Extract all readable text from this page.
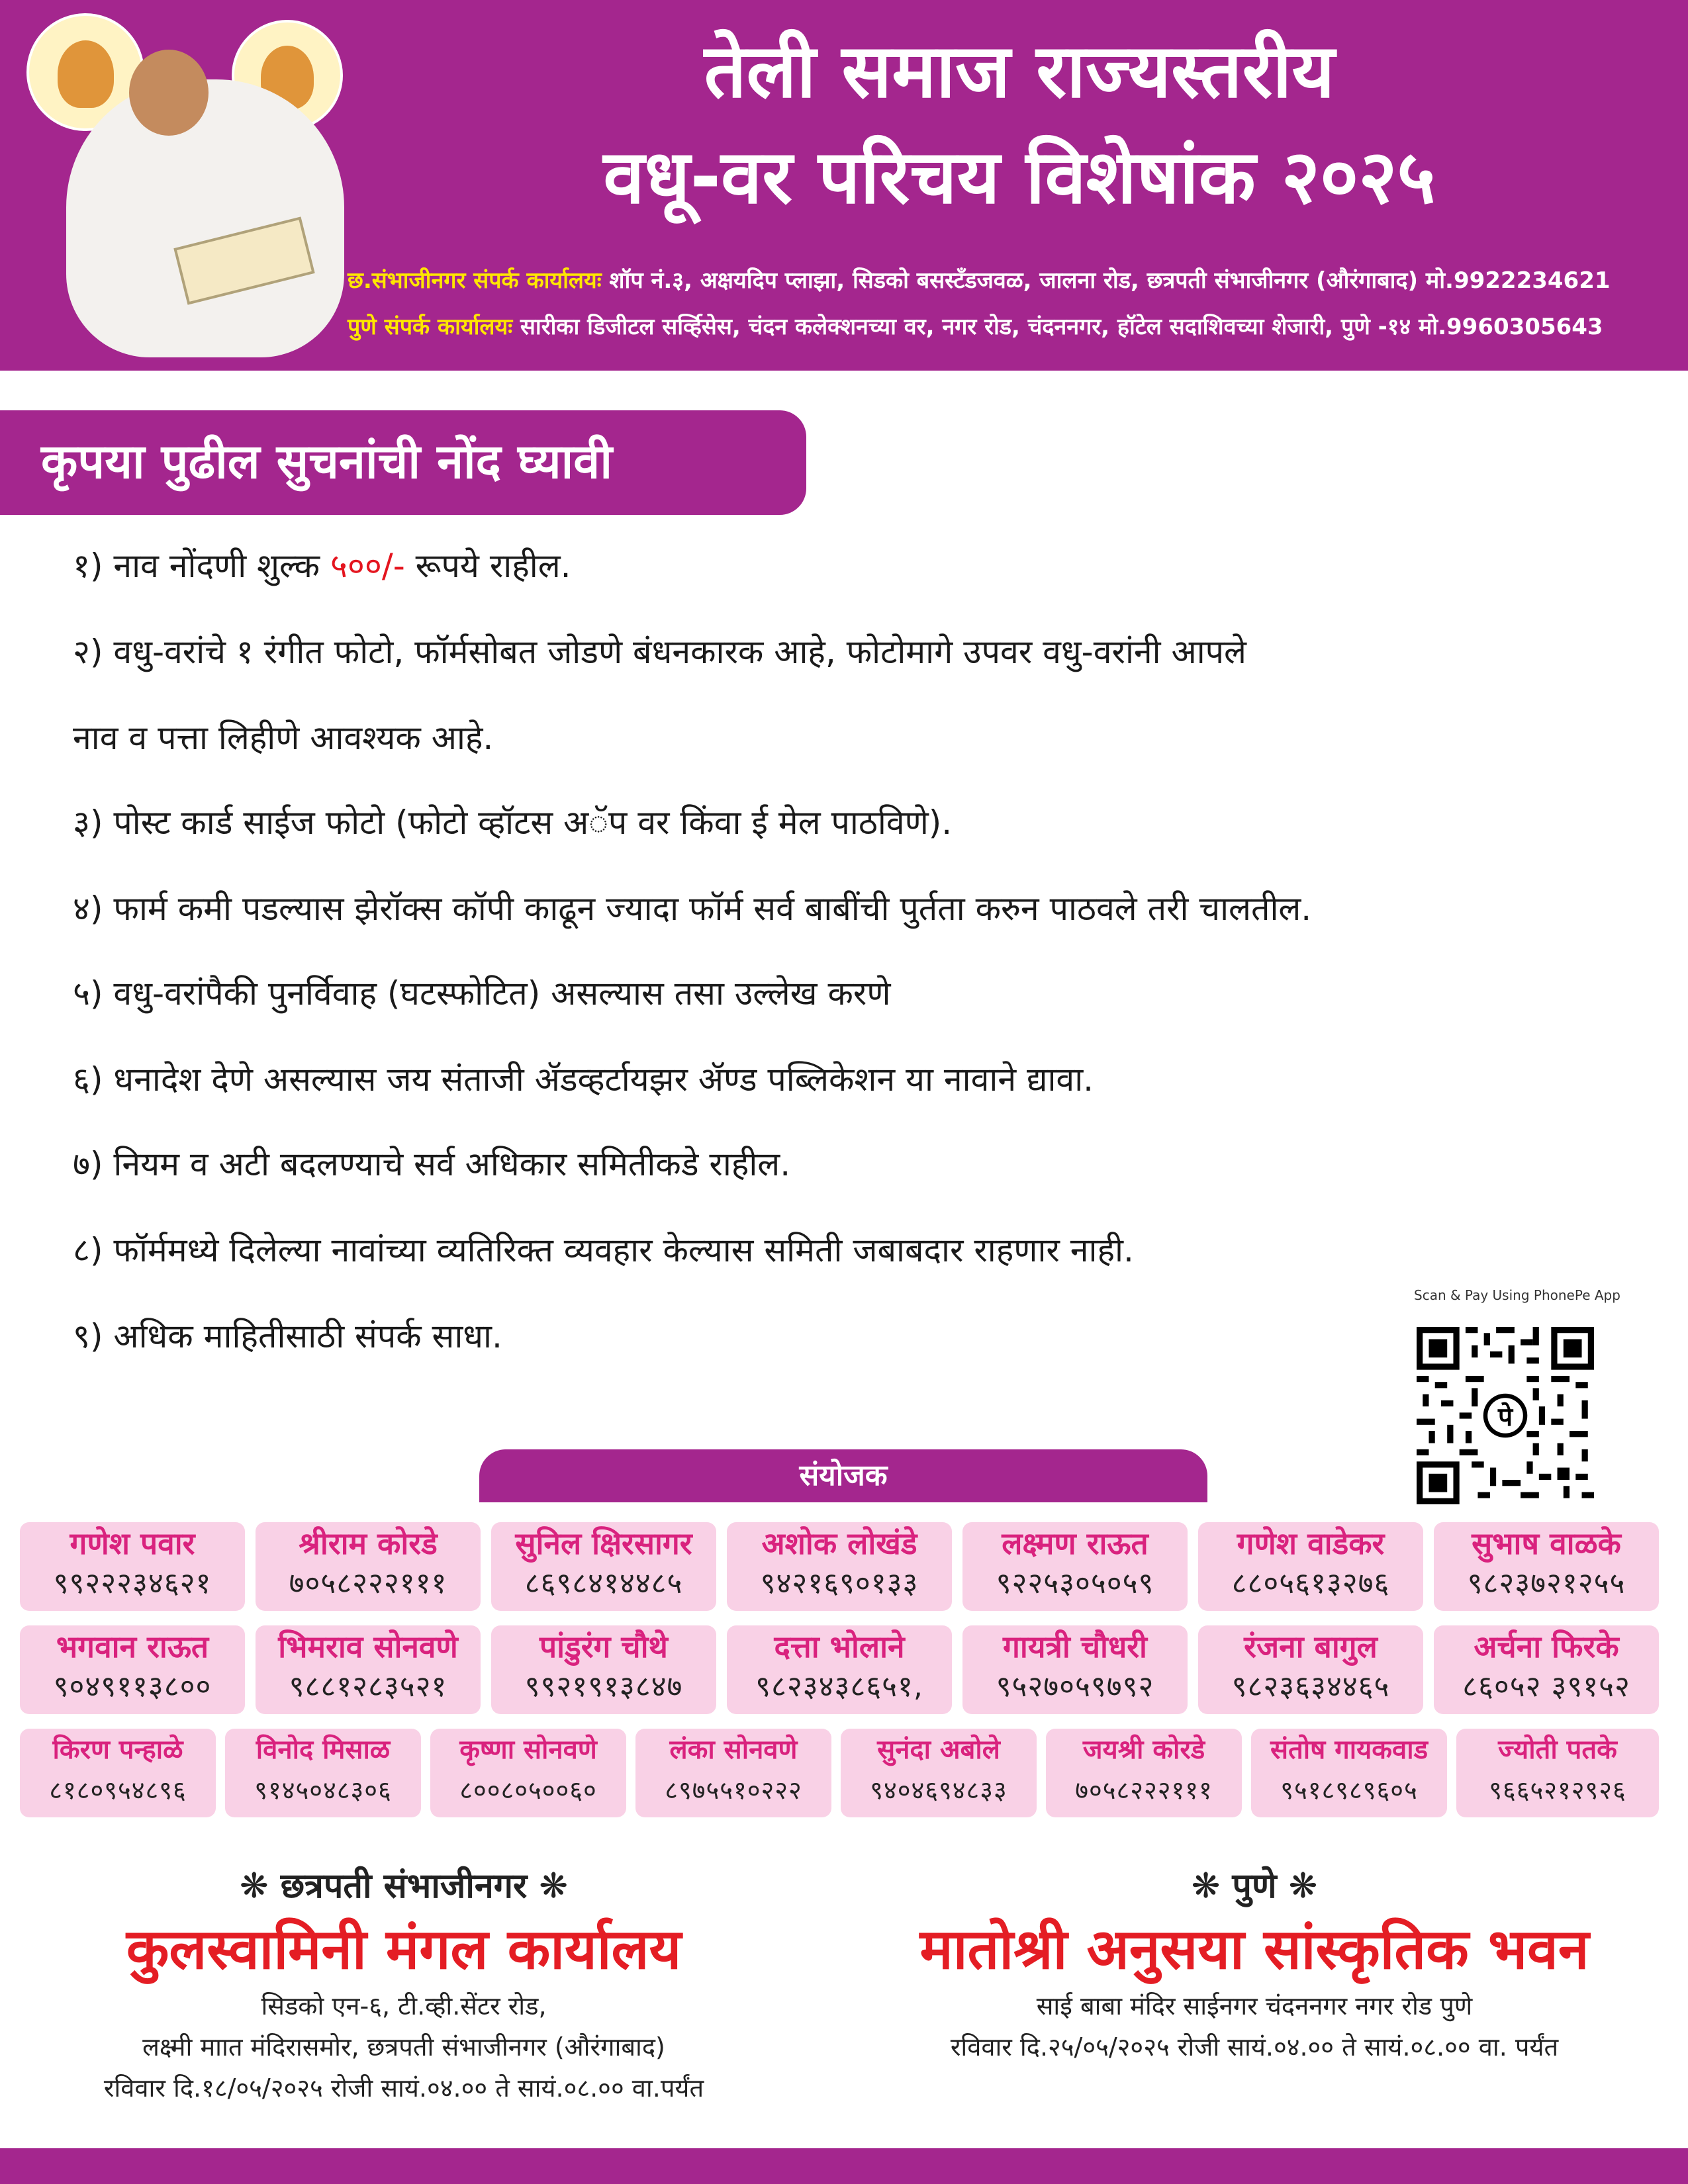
तेली समाज राज्यस्तरीय
वधू-वर परिचय विशेषांक २०२५
छ.संभाजीनगर संपर्क कार्यालयः शॉप नं.३, अक्षयदिप प्लाझा, सिडको बसस्टँडजवळ, जालना रोड, छत्रपती संभाजीनगर (औरंगाबाद) मो.9922234621
पुणे संपर्क कार्यालयः सारीका डिजीटल सर्व्हिसेस, चंदन कलेक्शनच्या वर, नगर रोड, चंदननगर, हॉटेल सदाशिवच्या शेजारी, पुणे -१४ मो.9960305643
कृपया पुढील सुचनांची नोंद घ्यावी
१) नाव नोंदणी शुल्क ५००/- रूपये राहील.
२) वधु-वरांचे १ रंगीत फोटो, फॉर्मसोबत जोडणे बंधनकारक आहे, फोटोमागे उपवर वधु-वरांनी आपले
नाव व पत्ता लिहीणे आवश्यक आहे.
३) पोस्ट कार्ड साईज फोटो (फोटो व्हॉटस अॅप वर किंवा ई मेल पाठविणे).
४) फार्म कमी पडल्यास झेरॉक्स कॉपी काढून ज्यादा फॉर्म सर्व बाबींची पुर्तता करुन पाठवले तरी चालतील.
५) वधु-वरांपैकी पुनर्विवाह (घटस्फोटित) असल्यास तसा उल्लेख करणे
६) धनादेश देणे असल्यास जय संताजी ॲडव्हर्टायझर ॲण्ड पब्लिकेशन या नावाने द्यावा.
७) नियम व अटी बदलण्याचे सर्व अधिकार समितीकडे राहील.
८) फॉर्ममध्ये दिलेल्या नावांच्या व्यतिरिक्त व्यवहार केल्यास समिती जबाबदार राहणार नाही.
९) अधिक माहितीसाठी संपर्क साधा.
Scan & Pay Using PhonePe App
पे
संयोजक
गणेश पवार
९९२२२३४६२१
श्रीराम कोरडे
७०५८२२२१११
सुनिल क्षिरसागर
८६९८४१४४८५
अशोक लोखंडे
९४२१६९०१३३
लक्ष्मण राऊत
९२२५३०५०५९
गणेश वाडेकर
८८०५६१३२७६
सुभाष वाळके
९८२३७२१२५५
भगवान राऊत
९०४९११३८००
भिमराव सोनवणे
९८८१२८३५२१
पांडुरंग चौथे
९९२१९१३८४७
दत्ता भोलाने
९८२३४३८६५१,
गायत्री चौधरी
९५२७०५९७९२
रंजना बागुल
९८२३६३४४६५
अर्चना फिरके
८६०५२ ३९१५२
किरण पन्हाळे
८१८०९५४८९६
विनोद मिसाळ
९१४५०४८३०६
कृष्णा सोनवणे
८००८०५००६०
लंका सोनवणे
८९७५५१०२२२
सुनंदा अबोले
९४०४६९४८३३
जयश्री कोरडे
७०५८२२२१११
संतोष गायकवाड
९५१८९८९६०५
ज्योती पतके
९६६५२१२९२६
❋ छत्रपती संभाजीनगर ❋
कुलस्वामिनी मंगल कार्यालय
सिडको एन-६, टी.व्ही.सेंटर रोड,
लक्ष्मी माात मंदिरासमोर, छत्रपती संभाजीनगर (औरंगाबाद)
रविवार दि.१८/०५/२०२५ रोजी सायं.०४.०० ते सायं.०८.०० वा.पर्यंत
❋ पुणे ❋
मातोश्री अनुसया सांस्कृतिक भवन
साई बाबा मंदिर साईनगर चंदननगर नगर रोड पुणे
रविवार दि.२५/०५/२०२५ रोजी सायं.०४.०० ते सायं.०८.०० वा. पर्यंत
